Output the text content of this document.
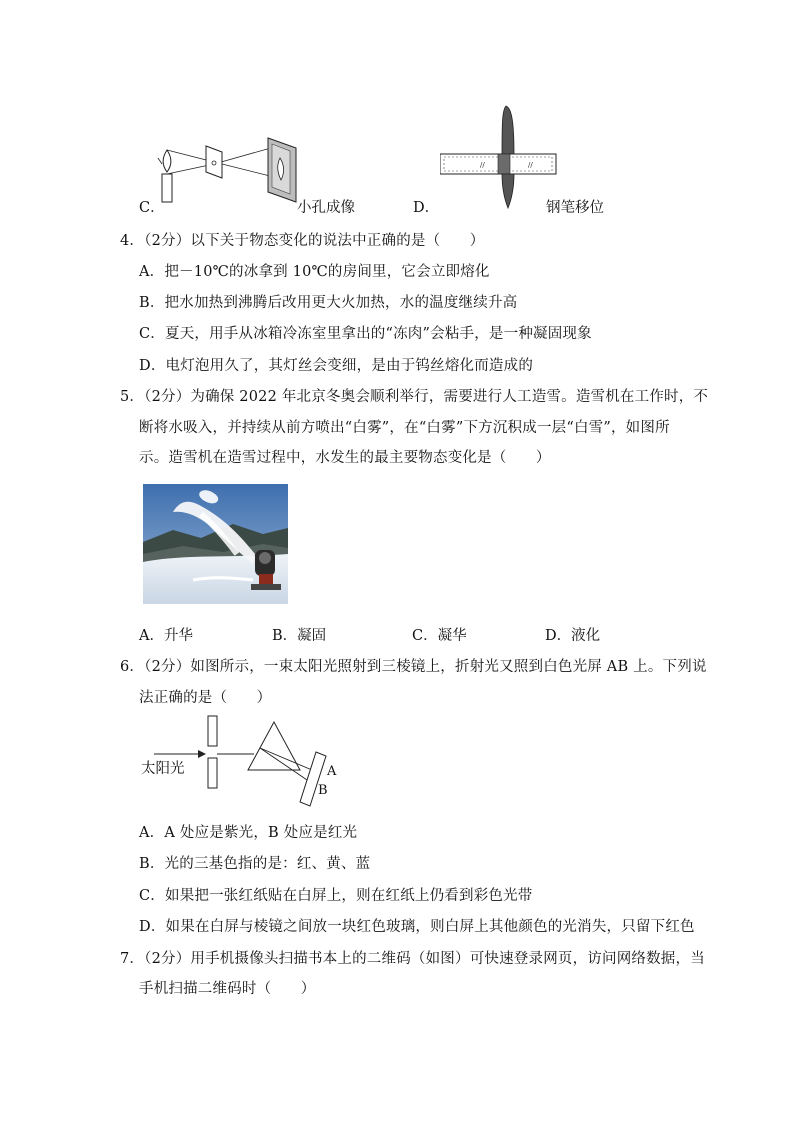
C．	小孔成像
//	//
D．	钢笔移位
4．（2分）以下关于物态变化的说法中正确的是（　　）
A．把－10℃的冰拿到 10℃的房间里，它会立即熔化
B．把水加热到沸腾后改用更大火加热，水的温度继续升高
C．夏天，用手从冰箱冷冻室里拿出的“冻肉”会粘手，是一种凝固现象
D．电灯泡用久了，其灯丝会变细，是由于钨丝熔化而造成的
5．（2分）为确保 2022 年北京冬奥会顺利举行，需要进行人工造雪。造雪机在工作时，不
断将水吸入，并持续从前方喷出“白雾”，在“白雾”下方沉积成一层“白雪”，如图所
示。造雪机在造雪过程中，水发生的最主要物态变化是（　　）
A．升华	B．凝固	C．凝华	D．液化
6．（2分）如图所示，一束太阳光照射到三棱镜上，折射光又照到白色光屏 AB 上。下列说
法正确的是（　　）
太阳光	A
B
A．A 处应是紫光，B 处应是红光
B．光的三基色指的是：红、黄、蓝
C．如果把一张红纸贴在白屏上，则在红纸上仍看到彩色光带
D．如果在白屏与棱镜之间放一块红色玻璃，则白屏上其他颜色的光消失，只留下红色
7．（2分）用手机摄像头扫描书本上的二维码（如图）可快速登录网页，访问网络数据，当
手机扫描二维码时（　　）
